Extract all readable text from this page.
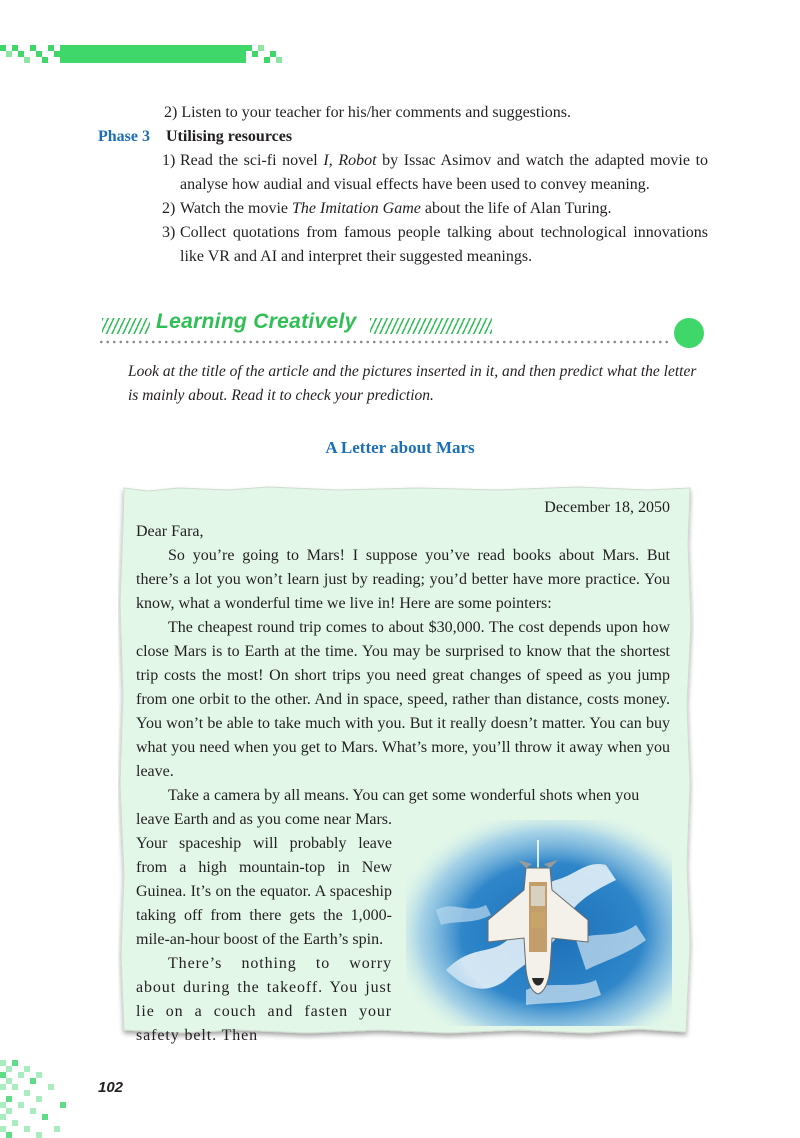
2) Listen to your teacher for his/her comments and suggestions.
Phase 3 Utilising resources
1) Read the sci-fi novel I, Robot by Issac Asimov and watch the adapted movie to analyse how audial and visual effects have been used to convey meaning.
2) Watch the movie The Imitation Game about the life of Alan Turing.
3) Collect quotations from famous people talking about technological innovations like VR and AI and interpret their suggested meanings.
Learning Creatively
Look at the title of the article and the pictures inserted in it, and then predict what the letter is mainly about. Read it to check your prediction.
A Letter about Mars

December 18, 2050

Dear Fara,

So you’re going to Mars! I suppose you’ve read books about Mars. But there’s a lot you won’t learn just by reading; you’d better have more practice. You know, what a wonderful time we live in! Here are some pointers:

The cheapest round trip comes to about $30,000. The cost depends upon how close Mars is to Earth at the time. You may be surprised to know that the shortest trip costs the most! On short trips you need great changes of speed as you jump from one orbit to the other. And in space, speed, rather than distance, costs money. You won’t be able to take much with you. But it really doesn’t matter. You can buy what you need when you get to Mars. What’s more, you’ll throw it away when you leave.

Take a camera by all means. You can get some wonderful shots when you

leave Earth and as you come near Mars. Your spaceship will probably leave from a high mountain-top in New Guinea. It’s on the equator. A spaceship taking off from there gets the 1,000-mile-an-hour boost of the Earth’s spin.

There’s nothing to worry about during the takeoff. You just lie on a couch and fasten your safety belt. Then

102
